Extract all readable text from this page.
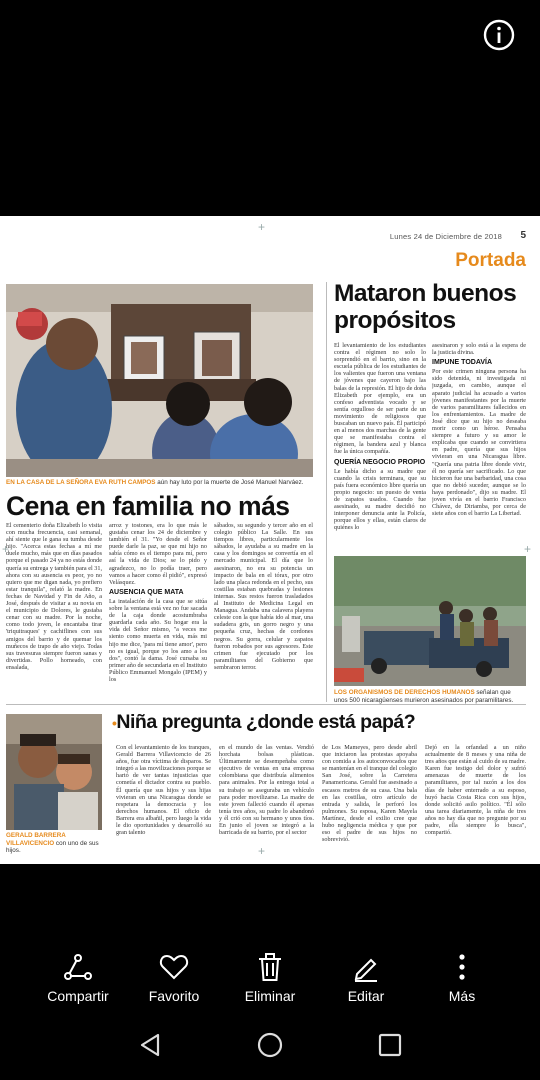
+
+	+
+
Lunes 24 de Diciembre de 2018 5
Portada
EN LA CASA DE LA SEÑORA EVA RUTH CAMPOS aún hay luto por la muerte de José Manuel Narváez.
Cena en familia no más
El cementerio doña Elizabeth lo visita con mucha frecuencia, casi semanal, ahí siente que le gana su tumba desde hijo. "Acerca estas fechas a mí me duele mucho, más que en días pasados porque el pasado 24 ya no estás donde quería su entrega y también para el 31, ahora con su ausencia es peor, yo no quiero que me digan nada, yo prefiero estar tranquila", relató la madre. En fechas de Navidad y Fin de Año, a José, después de visitar a su novia en el municipio de Dolores, le gustaba cenar con su madre. Por la noche, como todo joven, le encantaba tirar 'triquitraques' y cachiflines con sus amigos del barrio y de quemar los muñecos de trapo de año viejo. Todas sus travesuras siempre fueron sanas y divertidas. Pollo horneado, con ensalada,
arroz y tostones, era lo que más le gustaba cenar los 24 de diciembre y también el 31. "Yo desde el Señor puede darle la paz, se que mi hijo no sabía cómo es el tiempo para mí, pero así la vida de Dios; se lo pido y agradezco, no lo podía traer, pero vamos a hacer como él pidió", expresó Velásquez.
AUSENCIA QUE MATA
La instalación de la casa que se sitúa sobre la ventana está vez no fue sacada de la caja donde acostumbraba guardarla cada año. Su hogar era la vida del Señor mismo, "a veces me siento como muerta en vida, más mi hijo me dice, 'para mí tiene amor', pero no es igual, porque yo los amo a los dos", contó la dama. José cursaba su primer año de secundaria en el Instituto Público Emmanuel Mongalo (IPEM) y los
sábados, su segundo y tercer año en el colegio público La Salle. En sus tiempos libres, particularmente los sábados, le ayudaba a su madre en la casa y los domingos se convertía en el mercado municipal. El día que lo asesinaron, no era su potencia un impacto de bala en el tórax, por otro lado una placa redonda en el pecho, sus costillas estaban quebradas y lesiones internas. Sus restos fueron trasladados al Instituto de Medicina Legal en Managua. Andaba una calavera playera celeste con la que había ido al mar, una sudadera gris, un gorro negro y una pequeña cruz, hechas de cordones negros. Su gorra, celular y zapatos fueron robados por sus agresores. Este crimen fue ejecutado por los paramilitares del Gobierno que sembraron terror.
Mataron buenos
propósitos
El levantamiento de los estudiantes contra el régimen no solo lo sorprendió en el barrio, sino en la escuela pública de los estudiantes de los valientes que fueron una ventana de jóvenes que cayeron bajo las balas de la represión. El hijo de doña Elizabeth por ejemplo, era un confeso adventista vocado y se sentía orgulloso de ser parte de un movimiento de religiosos que buscaban un nuevo país. Él participó en al menos dos marchas de la gente que se manifestaba contra el régimen, la bandera azul y blanca fue la única compañía.
QUERÍA NEGOCIO PROPIO
Le había dicho a su madre que cuando la crisis terminara, que su país fuera económico libre quería un propio negocio: un puesto de venta de zapatos usados. Cuando fue asesinado, su madre decidió no interponer denuncia ante la Policía, porque ellos y ellas, están claros de quiénes lo
asesinaron y solo está a la espera de la justicia divina.
IMPUNE TODAVÍA
Por este crimen ninguna persona ha sido detenida, ni investigada ni juzgada, en cambio, aunque el aparato judicial ha acusado a varios jóvenes manifestantes por la muerte de varios paramilitares fallecidos en los enfrentamientos. La madre de José dice que su hijo no deseaba morir como un héroe. Pensaba siempre a futuro y su amor le explicaba que cuando se convirtiera en padre, quería que sus hijos vivieran en una Nicaragua libre. "Quería una patria libre donde vivir, él no quería ser sacrificado. Lo que hicieron fue una barbaridad, una cosa que no debió suceder, aunque se lo haya perdonado", dijo su madre. El joven vivía en el barrio Francisco Chávez, de Diriamba, por cerca de siete años con el barrio La Libertad.
LOS ORGANISMOS DE DERECHOS HUMANOS señalan que unos 500 nicaragüenses murieron asesinados por paramilitares.
GERALD BARRERA VILLAVICENCIO con uno de sus hijos.
•Niña pregunta ¿donde está papá?
Con el levantamiento de los tranques, Gerald Barrera Villavicencio de 26 años, fue otra víctima de disparos. Se integró a las movilizaciones porque se hartó de ver tantas injusticias que cometía el dictador contra su pueblo. Él quería que sus hijos y sus hijas vivieran en una Nicaragua donde se respetara la democracia y los derechos humanos. El oficio de Barrera era albañil, pero luego la vida le dio oportunidades y desarrolló su gran talento
en el mundo de las ventas. Vendió horchata bolsas plásticas. Últimamente se desempeñaba como ejecutivo de ventas en una empresa colombiana que distribuía alimentos para animales. Por la entrega total a su trabajo se aseguraba un vehículo para poder movilizarse. La madre de este joven falleció cuando él apenas tenía tres años, su padre lo abandonó y él crió con su hermano y unos tíos. En junio el joven se integró a la barricada de su barrio, por el sector
de Los Mameyes, pero desde abril que iniciaron las protestas apoyaba con comida a los autoconvocados que se mantenían en el tranque del colegio San José, sobre la Carretera Panamericana. Gerald fue asesinado a escasos metros de su casa. Una bala en las costillas, otro artículo de entrada y salida, le perforó los pulmones. Su esposa, Karen Mayela Martínez, desde el exilio cree que hubo negligencia médica y que por eso el padre de sus hijos no sobrevivió.
Dejó en la orfandad a un niño actualmente de 8 meses y una niña de tres años que están al cuido de su madre. Karen fue testigo del dolor y sufrió amenazas de muerte de los paramilitares, por tal razón a los dos días de haber enterrado a su esposo, huyó hacia Costa Rica con sus hijos, donde solicitó asilo político. "Él sólo una tarea diariamente, la niña de tres años no hay día que no pregunte por su padre, ella siempre lo busca", compartió.
Compartir	Favorito	Eliminar	Editar	Más
